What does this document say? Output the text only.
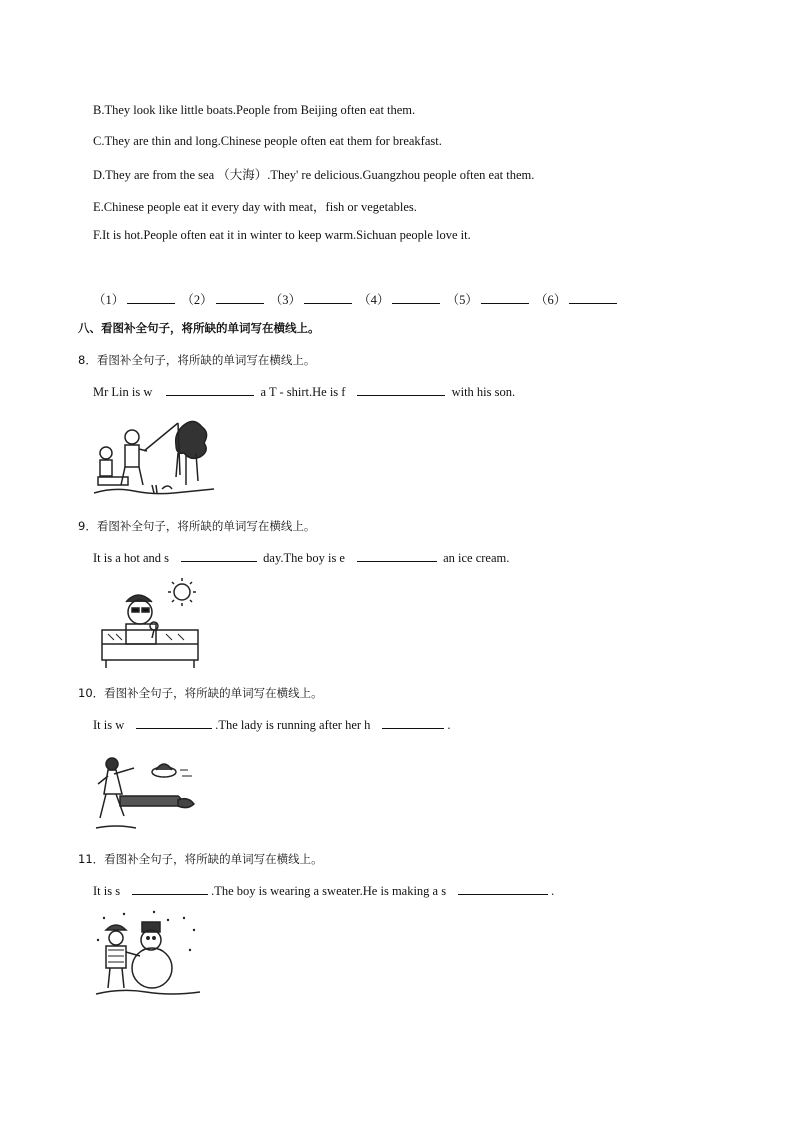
B.They look like little boats.People from Beijing often eat them.
C.They are thin and long.Chinese people often eat them for breakfast.
D.They are from the sea （大海）.They' re delicious.Guangzhou people often eat them.
E.Chinese people eat it every day with meat，fish or vegetables.
F.It is hot.People often eat it in winter to keep warm.Sichuan people love it.
（1）	（2）	（3）	（4）	（5）	（6）
八、看图补全句子，将所缺的单词写在横线上。
8．看图补全句子，将所缺的单词写在横线上。
Mr Lin is w	a T - shirt.He is f	with his son.
9．看图补全句子，将所缺的单词写在横线上。
It is a hot and s	day.The boy is e	an ice cream.
10．看图补全句子，将所缺的单词写在横线上。
It is w	.The lady is running after her h	.
11．看图补全句子，将所缺的单词写在横线上。
It is s	.The boy is wearing a sweater.He is making a s	.
